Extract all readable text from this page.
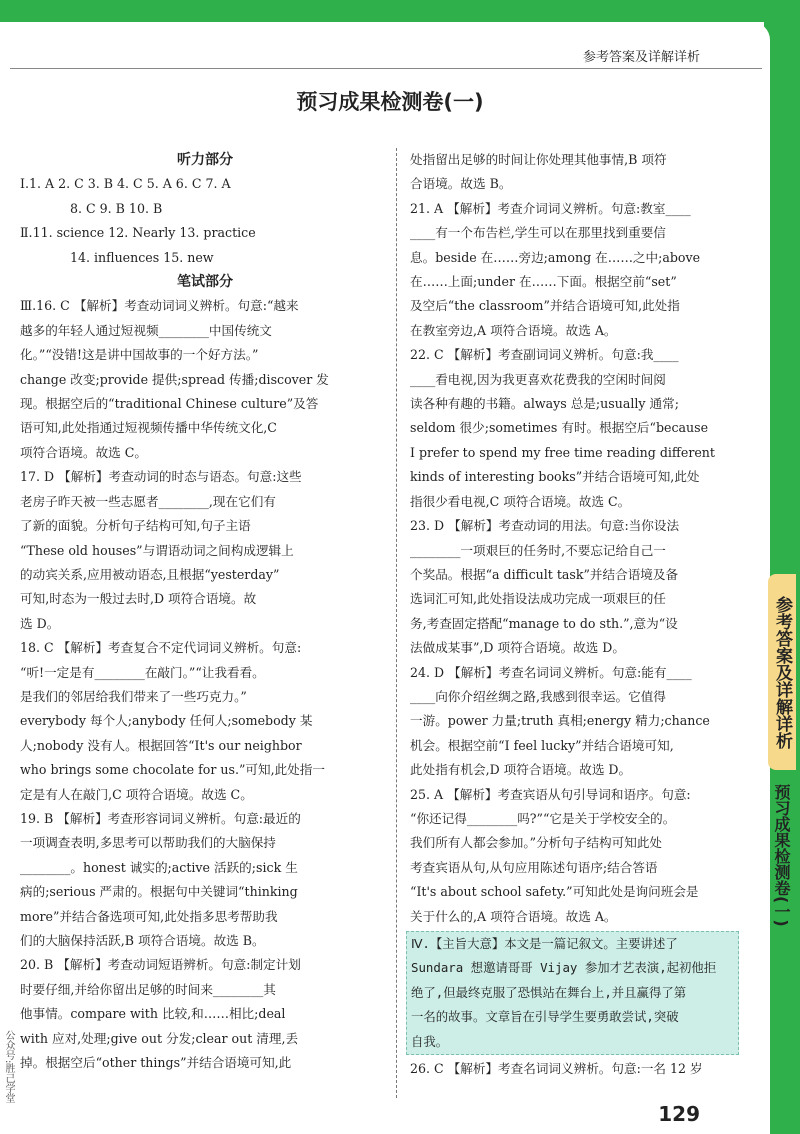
参考答案及详解详析
预习成果检测卷(一)
听力部分
Ⅰ.1. A 2. C 3. B 4. C 5. A 6. C 7. A
8. C 9. B 10. B
Ⅱ.11. science 12. Nearly 13. practice
14. influences 15. new
笔试部分
Ⅲ.16. C 【解析】考查动词词义辨析。句意:“越来
越多的年轻人通过短视频________中国传统文
化。”“没错!这是讲中国故事的一个好方法。”
change 改变;provide 提供;spread 传播;discover 发
现。根据空后的“traditional Chinese culture”及答
语可知,此处指通过短视频传播中华传统文化,C
项符合语境。故选 C。
17. D 【解析】考查动词的时态与语态。句意:这些
老房子昨天被一些志愿者________,现在它们有
了新的面貌。分析句子结构可知,句子主语
“These old houses”与谓语动词之间构成逻辑上
的动宾关系,应用被动语态,且根据“yesterday”
可知,时态为一般过去时,D 项符合语境。故
选 D。
18. C 【解析】考查复合不定代词词义辨析。句意:
“听!一定是有________在敲门。”“让我看看。
是我们的邻居给我们带来了一些巧克力。”
everybody 每个人;anybody 任何人;somebody 某
人;nobody 没有人。根据回答“It's our neighbor
who brings some chocolate for us.”可知,此处指一
定是有人在敲门,C 项符合语境。故选 C。
19. B 【解析】考查形容词词义辨析。句意:最近的
一项调查表明,多思考可以帮助我们的大脑保持
________。honest 诚实的;active 活跃的;sick 生
病的;serious 严肃的。根据句中关键词“thinking
more”并结合备选项可知,此处指多思考帮助我
们的大脑保持活跃,B 项符合语境。故选 B。
20. B 【解析】考查动词短语辨析。句意:制定计划
时要仔细,并给你留出足够的时间来________其
他事情。compare with 比较,和……相比;deal
with 应对,处理;give out 分发;clear out 清理,丢
掉。根据空后“other things”并结合语境可知,此
处指留出足够的时间让你处理其他事情,B 项符
合语境。故选 B。
21. A 【解析】考查介词词义辨析。句意:教室____
____有一个布告栏,学生可以在那里找到重要信
息。beside 在……旁边;among 在……之中;above
在……上面;under 在……下面。根据空前“set”
及空后“the classroom”并结合语境可知,此处指
在教室旁边,A 项符合语境。故选 A。
22. C 【解析】考查副词词义辨析。句意:我____
____看电视,因为我更喜欢花费我的空闲时间阅
读各种有趣的书籍。always 总是;usually 通常;
seldom 很少;sometimes 有时。根据空后“because
I prefer to spend my free time reading different
kinds of interesting books”并结合语境可知,此处
指很少看电视,C 项符合语境。故选 C。
23. D 【解析】考查动词的用法。句意:当你设法
________一项艰巨的任务时,不要忘记给自己一
个奖品。根据“a difficult task”并结合语境及备
选词汇可知,此处指设法成功完成一项艰巨的任
务,考查固定搭配“manage to do sth.”,意为“设
法做成某事”,D 项符合语境。故选 D。
24. D 【解析】考查名词词义辨析。句意:能有____
____向你介绍丝绸之路,我感到很幸运。它值得
一游。power 力量;truth 真相;energy 精力;chance
机会。根据空前“I feel lucky”并结合语境可知,
此处指有机会,D 项符合语境。故选 D。
25. A 【解析】考查宾语从句引导词和语序。句意:
“你还记得________吗?”“它是关于学校安全的。
我们所有人都会参加。”分析句子结构可知此处
考查宾语从句,从句应用陈述句语序;结合答语
“It's about school safety.”可知此处是询问班会是
关于什么的,A 项符合语境。故选 A。
Ⅳ.【主旨大意】本文是一篇记叙文。主要讲述了
Sundara 想邀请哥哥 Vijay 参加才艺表演,起初他拒
绝了,但最终克服了恐惧站在舞台上,并且赢得了第
一名的故事。文章旨在引导学生要勇敢尝试,突破
自我。
26. C 【解析】考查名词词义辨析。句意:一名 12 岁
129
参考答案及详解详析
预习成果检测卷(一)
公众号:胜己学堂
